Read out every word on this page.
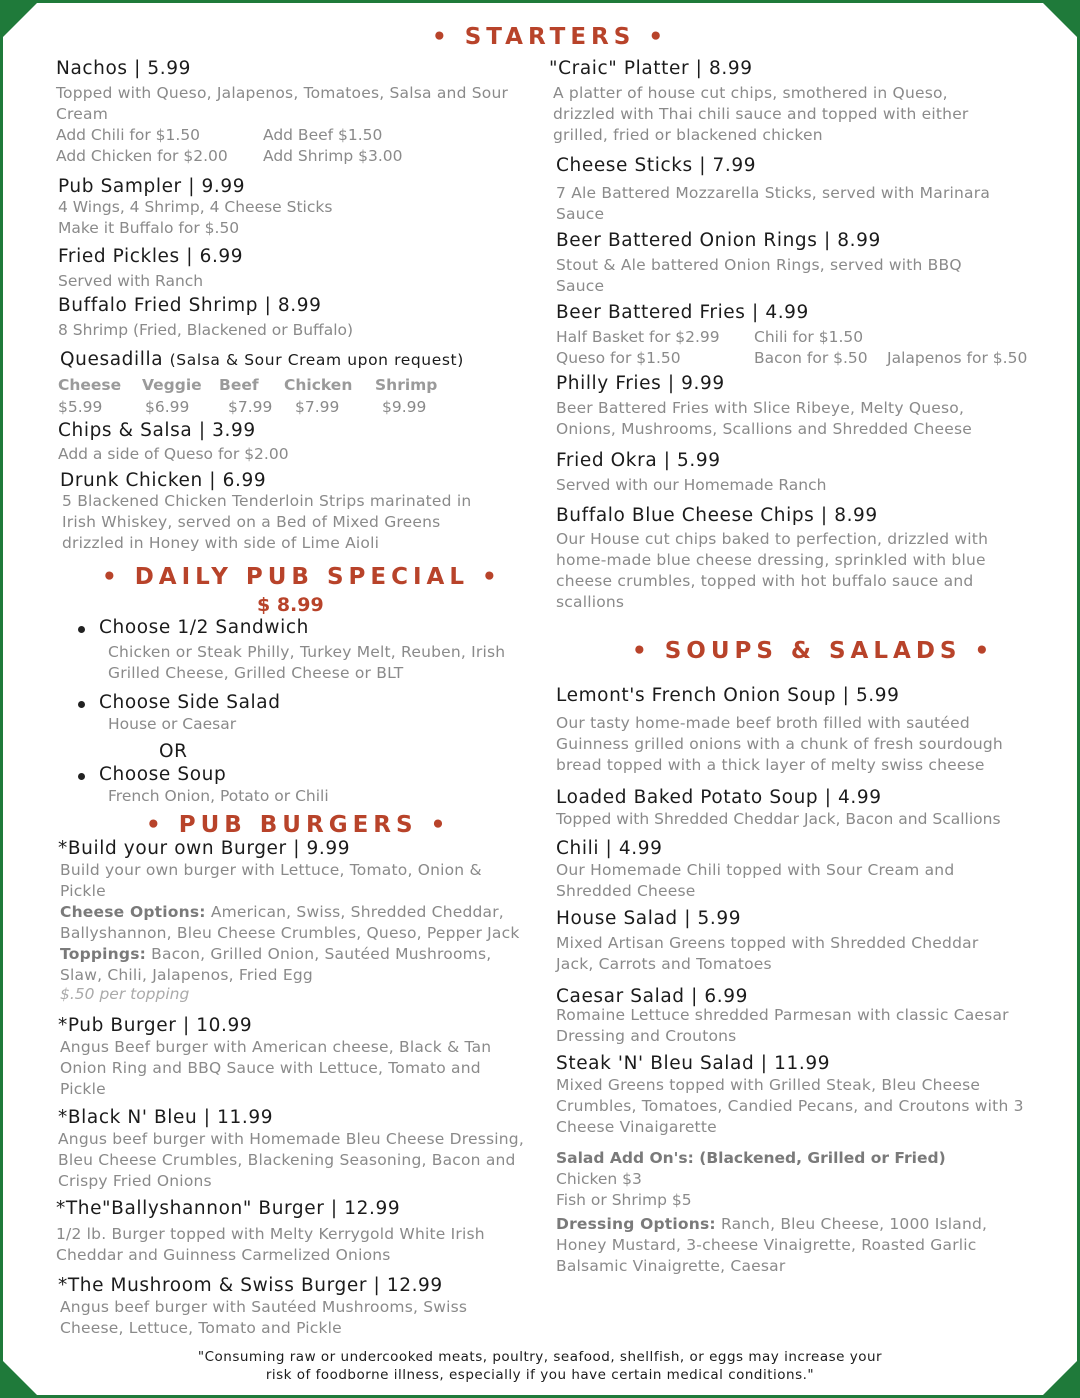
• STARTERS •
Nachos | 5.99
Topped with Queso, Jalapenos, Tomatoes, Salsa and Sour Cream
Add Chili for $1.50	Add Beef $1.50
Add Chicken for $2.00 Add Shrimp $3.00
Pub Sampler | 9.99
4 Wings, 4 Shrimp, 4 Cheese Sticks
Make it Buffalo for $.50
Fried Pickles | 6.99
Served with Ranch
Buffalo Fried Shrimp | 8.99
8 Shrimp (Fried, Blackened or Buffalo)
Quesadilla (Salsa & Sour Cream upon request)
Cheese
$5.99
Veggie
$6.99
Beef
$7.99
Chicken
$7.99
Shrimp
$9.99
Chips & Salsa | 3.99
Add a side of Queso for $2.00
Drunk Chicken | 6.99
5 Blackened Chicken Tenderloin Strips marinated in Irish Whiskey, served on a Bed of Mixed Greens drizzled in Honey with side of Lime Aioli
• DAILY PUB SPECIAL •
$ 8.99
Choose 1/2 Sandwich
Chicken or Steak Philly, Turkey Melt, Reuben, Irish Grilled Cheese, Grilled Cheese or BLT
Choose Side Salad
House or Caesar
OR
Choose Soup
French Onion, Potato or Chili
• PUB BURGERS •
*Build your own Burger | 9.99
Build your own burger with Lettuce, Tomato, Onion & Pickle
Cheese Options: American, Swiss, Shredded Cheddar, Ballyshannon, Bleu Cheese Crumbles, Queso, Pepper Jack
Toppings: Bacon, Grilled Onion, Sautéed Mushrooms, Slaw, Chili, Jalapenos, Fried Egg
$.50 per topping
*Pub Burger | 10.99
Angus Beef burger with American cheese, Black & Tan Onion Ring and BBQ Sauce with Lettuce, Tomato and Pickle
*Black N' Bleu | 11.99
Angus beef burger with Homemade Bleu Cheese Dressing, Bleu Cheese Crumbles, Blackening Seasoning, Bacon and Crispy Fried Onions
*The"Ballyshannon" Burger | 12.99
1/2 lb. Burger topped with Melty Kerrygold White Irish Cheddar and Guinness Carmelized Onions
*The Mushroom & Swiss Burger | 12.99
Angus beef burger with Sautéed Mushrooms, Swiss Cheese, Lettuce, Tomato and Pickle
"Craic" Platter | 8.99
A platter of house cut chips, smothered in Queso, drizzled with Thai chili sauce and topped with either grilled, fried or blackened chicken
Cheese Sticks | 7.99
7 Ale Battered Mozzarella Sticks, served with Marinara Sauce
Beer Battered Onion Rings | 8.99
Stout & Ale battered Onion Rings, served with BBQ Sauce
Beer Battered Fries | 4.99
Half Basket for $2.99 Chili for $1.50
Queso for $1.50	Bacon for $.50 Jalapenos for $.50
Philly Fries | 9.99
Beer Battered Fries with Slice Ribeye, Melty Queso, Onions, Mushrooms, Scallions and Shredded Cheese
Fried Okra | 5.99
Served with our Homemade Ranch
Buffalo Blue Cheese Chips | 8.99
Our House cut chips baked to perfection, drizzled with home-made blue cheese dressing, sprinkled with blue cheese crumbles, topped with hot buffalo sauce and scallions
• SOUPS & SALADS •
Lemont's French Onion Soup | 5.99
Our tasty home-made beef broth filled with sautéed Guinness grilled onions with a chunk of fresh sourdough bread topped with a thick layer of melty swiss cheese
Loaded Baked Potato Soup | 4.99
Topped with Shredded Cheddar Jack, Bacon and Scallions
Chili | 4.99
Our Homemade Chili topped with Sour Cream and Shredded Cheese
House Salad | 5.99
Mixed Artisan Greens topped with Shredded Cheddar Jack, Carrots and Tomatoes
Caesar Salad | 6.99
Romaine Lettuce shredded Parmesan with classic Caesar Dressing and Croutons
Steak 'N' Bleu Salad | 11.99
Mixed Greens topped with Grilled Steak, Bleu Cheese Crumbles, Tomatoes, Candied Pecans, and Croutons with 3 Cheese Vinaigarette
Salad Add On's: (Blackened, Grilled or Fried)
Chicken $3
Fish or Shrimp $5
Dressing Options: Ranch, Bleu Cheese, 1000 Island, Honey Mustard, 3-cheese Vinaigrette, Roasted Garlic Balsamic Vinaigrette, Caesar
"Consuming raw or undercooked meats, poultry, seafood, shellfish, or eggs may increase your
risk of foodborne illness, especially if you have certain medical conditions."
